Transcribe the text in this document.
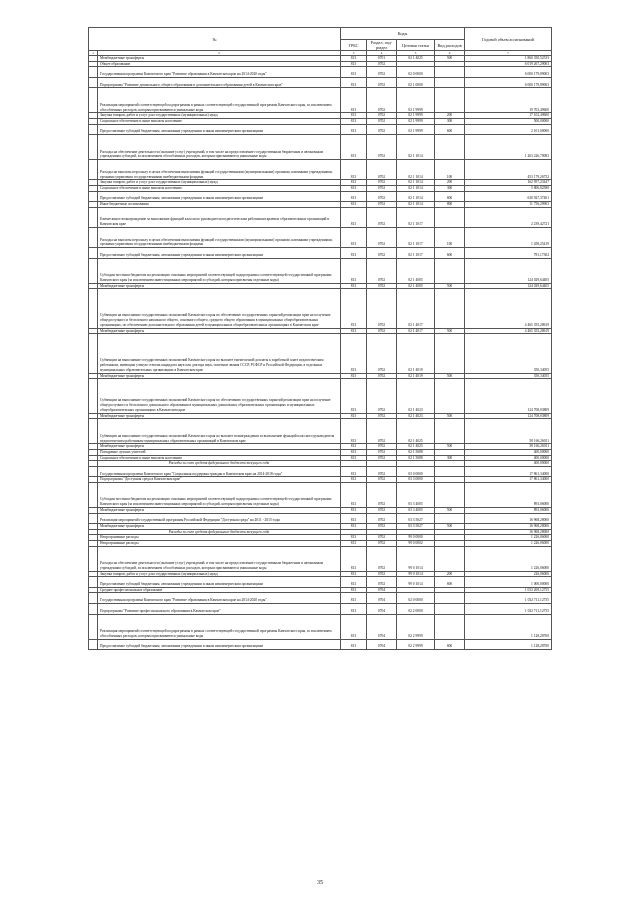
№		Коды				Годовой объем ассигнований
		ГРБС	Раздел, под-раздел	Целевая статья	Вид расходов	
1	2	3	4	5	6	7
	Межбюджетные трансферты	813	0701	02 1 4025	500	1 860 350,52533
	Общее образование	813	0702			6 019 267,29003
	Государственная программа Камчатского края "Развитие образования в Камчатском крае на 2014-2020 годы"	813	0702	02 0 0000		6 000 179,89003
	Подпрограмма "Развитие дошкольного, общего образования и дополнительного образования детей в Камчатском крае"	813	0702	02 1 0000		6 000 179,89003
	Реализация мероприятий соответствующей подпрограммы в рамках соответствующей государственной программы Камчатского края, за исключением обособленных расходов, которым присваиваются уникальные коды	813	0702	02 1 9999		19 703,49600
	Закупка товаров, работ и услуг для государственных (муниципальных) нужд	813	0702	02 1 9999	200	17 102,49600
	Социальное обеспечение и иные выплаты населению	813	0702	02 1 9999	300	500,00000
	Предоставление субсидий бюджетным, автономным учреждениям и иным некоммерческим организациям	813	0702	02 1 9999	600	2 101,00000
	Расходы на обеспечение деятельности (оказание услуг) учреждений, в том числе на предоставление государственным бюджетным и автономным учреждениям субсидий, за исключением обособленных расходов, которым присваиваются уникальные коды	813	0702	02 1 1014		1 263 226,70083
	Расходы на выплаты персоналу в целях обеспечения выполнения функций государственными (муниципальными) органами, казенными учреждениями, органами управления государственными внебюджетными фондами	813	0702	02 1 1014	100	453 179,26752
	Закупка товаров, работ и услуг для государственных (муниципальных) нужд	813	0702	02 1 1014	200	162 957,23447
	Социальное обеспечение и иные выплаты населению	813	0702	02 1 1014	300	5 806,82580
	Предоставление субсидий бюджетным, автономным учреждениям и иным некоммерческим организациям	813	0702	02 1 1014	600	630 927,37401
	Иные бюджетные ассигнования	813	0702	02 1 1014	800	11 756,29903
	Ежемесячное вознаграждение за выполнение функций классного руководителя педагогическим работникам краевых образовательных организаций в Камчатском крае	813	0702	02 1 1017		2 239,42721
	Расходы на выплаты персоналу в целях обеспечения выполнения функций государственными (муниципальными) органами, казенными учреждениями, органами управления государственными внебюджетными фондами	813	0702	02 1 1017	100	1 458,25419
	Предоставление субсидий бюджетным, автономным учреждениям и иным некоммерческим организациям	813	0702	02 1 1017	600	781,17302
	Субсидии местным бюджетам на реализацию основных мероприятий соответствующей подпрограммы соответствующей государственной программы Камчатского края (за исключением инвестиционных мероприятий и субсидий, которым присвоены отдельные коды)	813	0702	02 1 4005		124 029,64405
	Межбюджетные трансферты	813	0702	02 1 4005	500	124 029,64405
	Субвенции на выполнение государственных полномочий Камчатского края по обеспечению государственных гарантий реализации прав на получение общедоступного и бесплатного начального общего, основного общего, среднего общего образования в муниципальных общеобразовательных организациях, по обеспечению дополнительного образования детей в муниципальных общеобразовательных организациях в Камчатском крае	813	0702	02 1 4017		4 465 355,28619
	Межбюджетные трансферты	813	0702	02 1 4017	500	4 465 355,28619
	Субвенции на выполнение государственных полномочий Камчатского края по выплате ежемесячной доплаты к заработной плате педагогическим работникам, имеющим ученую степень кандидата наук или доктора наук, почетные звания СССР, РСФСР и Российской Федерации, в отдельных муниципальных образовательных организациях в Камчатском крае	813	0702	02 1 4019		350,34055
	Межбюджетные трансферты	813	0702	02 1 4019	500	350,34055
	Субвенции на выполнение государственных полномочий Камчатского края по обеспечению государственных гарантий реализации прав на получение общедоступного и бесплатного дошкольного образования в муниципальных дошкольных образовательных организациях и муниципальных общеобразовательных организациях в Камчатском крае	813	0702	02 1 4023		124 708,03809
	Межбюджетные трансферты	813	0702	02 1 4023	500	124 708,03809
	Субвенции на выполнение государственных полномочий Камчатского края по выплате вознаграждения за выполнение функций классного руководителя педагогическим работникам муниципальных образовательных организаций в Камчатском крае	813	0702	02 1 4025		58 166,26011
	Межбюджетные трансферты	813	0702	02 1 4025	500	58 166,26011
	Поощрение лучших учителей	813	0702	02 1 5088		400,00000
	Социальное обеспечение и иные выплаты населению	813	0702	02 1 5088	300	400,00000
	Расходы за счет средств федерального бюджета текущего года					400,00000
	Государственная программа Камчатского края "Социальная поддержка граждан в Камчатском крае на 2014-2018 годы"	813	0702	03 0 0000		17 861,34000
	Подпрограмма "Доступная среда в Камчатском крае"	813	0702	03 3 0000		17 861,34000
	Субсидии местным бюджетам на реализацию основных мероприятий соответствующей подпрограммы соответствующей государственной программы Камчатского края (за исключением инвестиционных мероприятий и субсидий, которым присвоены отдельные коды)	813	0702	03 3 4005		893,06000
	Межбюджетные трансферты	813	0702	03 3 4005	500	893,06000
	Реализация мероприятий государственной программы Российской Федерации "Доступная среда" на 2011 - 2015 годы	813	0702	03 3 5027		16 968,28000
	Межбюджетные трансферты	813	0702	03 3 5027	500	16 968,28000
	Расходы за счет средств федерального бюджета текущего года					16 968,28000
	Непрограммные расходы	813	0702	99 0 0000		1 226,06000
	Непрограммные расходы	813	0702	99 0 0002		1 226,06000
	Расходы на обеспечение деятельности (оказание услуг) учреждений, в том числе на предоставление государственным бюджетным и автономным учреждениям субсидий, за исключением обособленных расходов, которым присваиваются уникальные коды	813	0702	99 0 1014		1 226,06000
	Закупка товаров, работ и услуг для государственных (муниципальных) нужд	813	0702	99 0 1014	200	226,06000
	Предоставление субсидий бюджетным, автономным учреждениям и иным некоммерческим организациям	813	0702	99 0 1014	600	1 000,00000
	Среднее профессиональное образование	813	0704			1 033 269,12755
	Государственная программа Камчатского края "Развитие образования в Камчатском крае на 2014-2020 годы"	813	0704	02 0 0000		1 032 711,12755
	Подпрограмма "Развитие профессионального образования в Камчатском крае"	813	0704	02 2 0000		1 032 711,12755
	Реализация мероприятий соответствующей подпрограммы в рамках соответствующей государственной программы Камчатского края, за исключением обособленных расходов, которым присваиваются уникальные коды	813	0704	02 2 9999		1 128,28700
	Предоставление субсидий бюджетным, автономным учреждениям и иным некоммерческим организациям	813	0704	02 2 9999	600	1 128,28700
35
